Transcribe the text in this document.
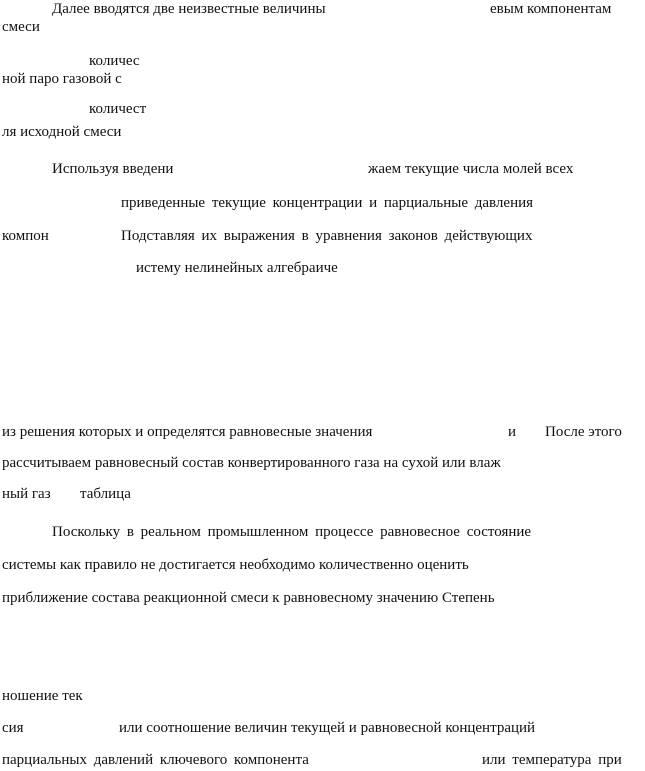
Далее вводятся две неизвестные величины	евым компонентам
смеси
количес
ной паро газовой с
количест
ля исходной смеси
Используя введени	жаем текущие числа молей всех
приведенные текущие концентрации и парциальные давления
компон	Подставляя их выражения в уравнения законов действующих
истему нелинейных алгебраиче
из решения которых и определятся равновесные значения	и После этого
рассчитываем равновесный состав конвертированного газа на сухой или влаж
ный газ таблица
Поскольку в реальном промышленном процессе равновесное состояние
системы как правило не достигается необходимо количественно оценить
приближение состава реакционной смеси к равновесному значению Степень
ношение тек
сия	или соотношение величин текущей и равновесной концентраций
парциальных давлений ключевого компонента	или температура при
